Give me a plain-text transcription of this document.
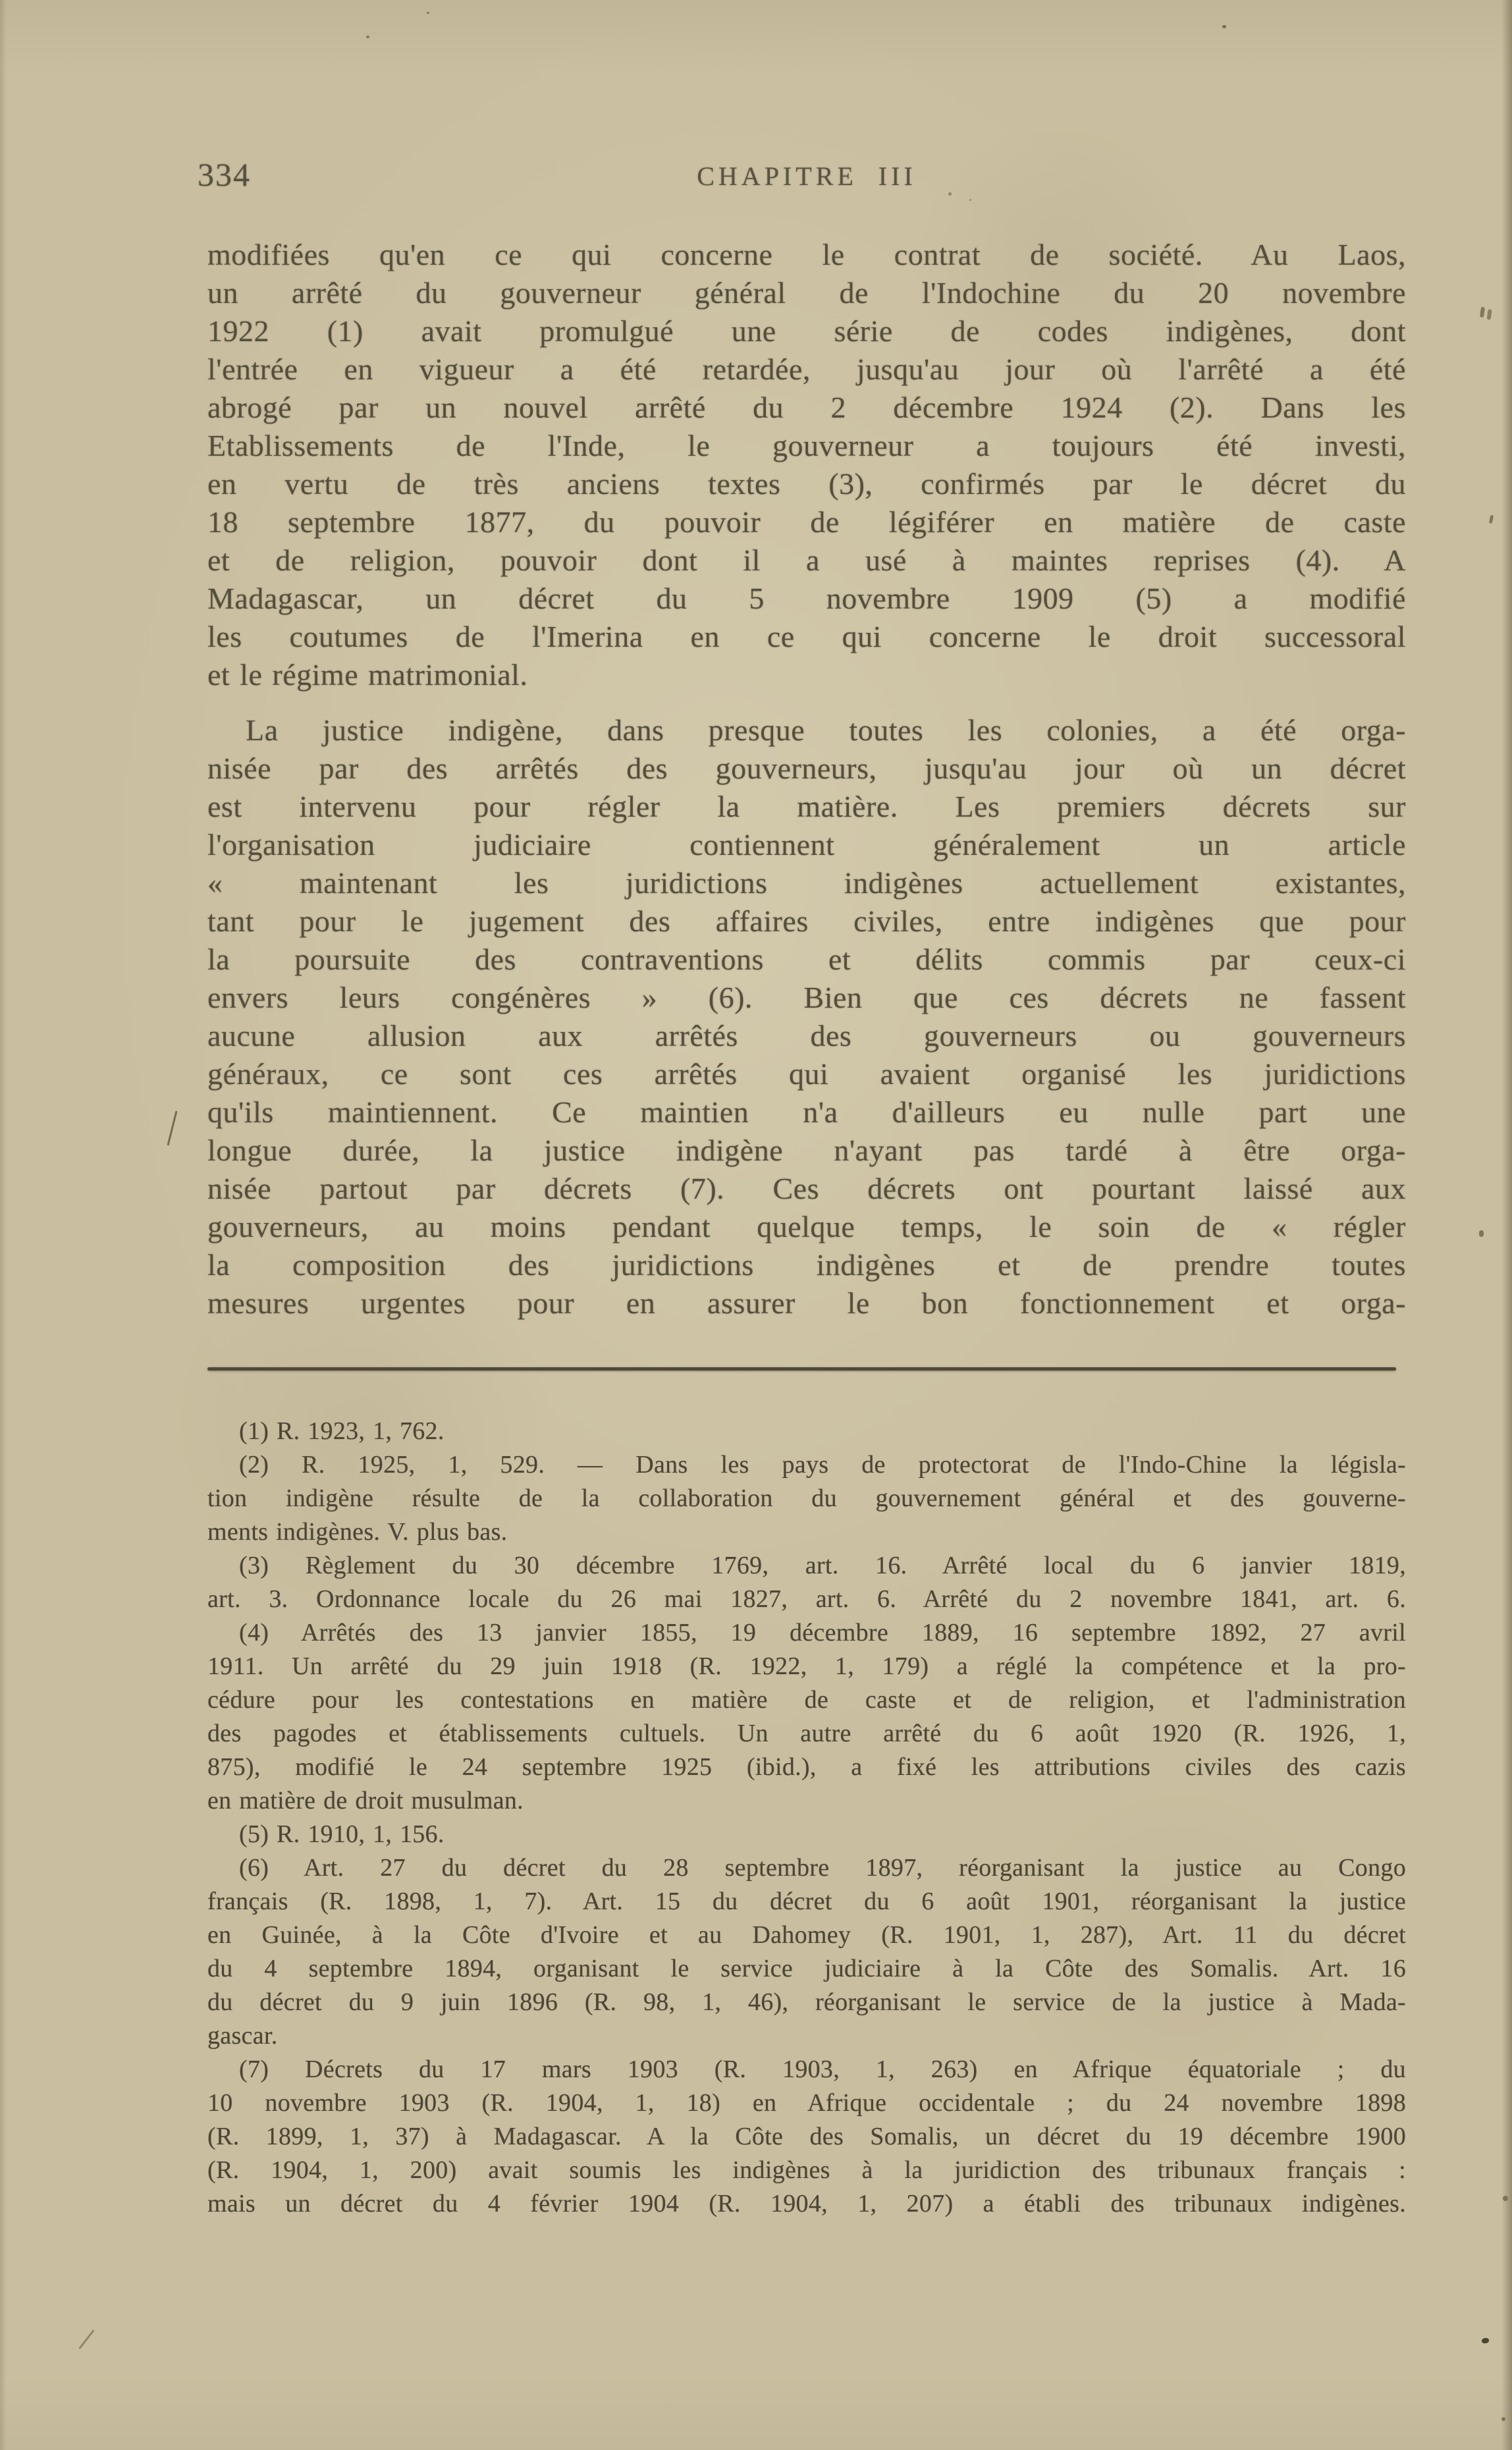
334	CHAPITRE III
modifiées qu'en ce qui concerne le contrat de société. Au Laos,
un arrêté du gouverneur général de l'Indochine du 20 novembre
1922 (1) avait promulgué une série de codes indigènes, dont
l'entrée en vigueur a été retardée, jusqu'au jour où l'arrêté a été
abrogé par un nouvel arrêté du 2 décembre 1924 (2). Dans les
Etablissements de l'Inde, le gouverneur a toujours été investi,
en vertu de très anciens textes (3), confirmés par le décret du
18 septembre 1877, du pouvoir de légiférer en matière de caste
et de religion, pouvoir dont il a usé à maintes reprises (4). A
Madagascar, un décret du 5 novembre 1909 (5) a modifié
les coutumes de l'Imerina en ce qui concerne le droit successoral
et le régime matrimonial.
La justice indigène, dans presque toutes les colonies, a été orga-
nisée par des arrêtés des gouverneurs, jusqu'au jour où un décret
est intervenu pour régler la matière. Les premiers décrets sur
l'organisation judiciaire contiennent généralement un article
« maintenant les juridictions indigènes actuellement existantes,
tant pour le jugement des affaires civiles, entre indigènes que pour
la poursuite des contraventions et délits commis par ceux-ci
envers leurs congénères » (6). Bien que ces décrets ne fassent
aucune allusion aux arrêtés des gouverneurs ou gouverneurs
généraux, ce sont ces arrêtés qui avaient organisé les juridictions
qu'ils maintiennent. Ce maintien n'a d'ailleurs eu nulle part une
longue durée, la justice indigène n'ayant pas tardé à être orga-
nisée partout par décrets (7). Ces décrets ont pourtant laissé aux
gouverneurs, au moins pendant quelque temps, le soin de « régler
la composition des juridictions indigènes et de prendre toutes
mesures urgentes pour en assurer le bon fonctionnement et orga-
(1) R. 1923, 1, 762.
(2) R. 1925, 1, 529. — Dans les pays de protectorat de l'Indo-Chine la législa-
tion indigène résulte de la collaboration du gouvernement général et des gouverne-
ments indigènes. V. plus bas.
(3) Règlement du 30 décembre 1769, art. 16. Arrêté local du 6 janvier 1819,
art. 3. Ordonnance locale du 26 mai 1827, art. 6. Arrêté du 2 novembre 1841, art. 6.
(4) Arrêtés des 13 janvier 1855, 19 décembre 1889, 16 septembre 1892, 27 avril
1911. Un arrêté du 29 juin 1918 (R. 1922, 1, 179) a réglé la compétence et la pro-
cédure pour les contestations en matière de caste et de religion, et l'administration
des pagodes et établissements cultuels. Un autre arrêté du 6 août 1920 (R. 1926, 1,
875), modifié le 24 septembre 1925 (ibid.), a fixé les attributions civiles des cazis
en matière de droit musulman.
(5) R. 1910, 1, 156.
(6) Art. 27 du décret du 28 septembre 1897, réorganisant la justice au Congo
français (R. 1898, 1, 7). Art. 15 du décret du 6 août 1901, réorganisant la justice
en Guinée, à la Côte d'Ivoire et au Dahomey (R. 1901, 1, 287), Art. 11 du décret
du 4 septembre 1894, organisant le service judiciaire à la Côte des Somalis. Art. 16
du décret du 9 juin 1896 (R. 98, 1, 46), réorganisant le service de la justice à Mada-
gascar.
(7) Décrets du 17 mars 1903 (R. 1903, 1, 263) en Afrique équatoriale ; du
10 novembre 1903 (R. 1904, 1, 18) en Afrique occidentale ; du 24 novembre 1898
(R. 1899, 1, 37) à Madagascar. A la Côte des Somalis, un décret du 19 décembre 1900
(R. 1904, 1, 200) avait soumis les indigènes à la juridiction des tribunaux français :
mais un décret du 4 février 1904 (R. 1904, 1, 207) a établi des tribunaux indigènes.
